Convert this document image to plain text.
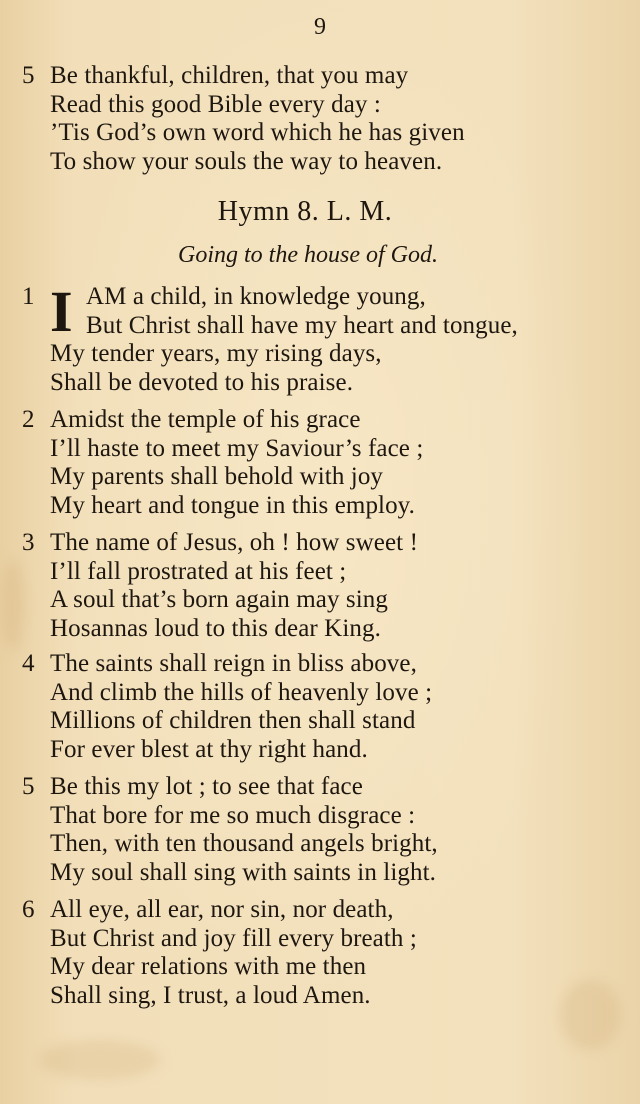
9
5 Be thankful, children, that you may
Read this good Bible every day :
’Tis God’s own word which he has given
To show your souls the way to heaven.
Hymn 8. L. M.
Going to the house of God.
1 I AM a child, in knowledge young,
But Christ shall have my heart and tongue,
My tender years, my rising days,
Shall be devoted to his praise.
2 Amidst the temple of his grace
I’ll haste to meet my Saviour’s face ;
My parents shall behold with joy
My heart and tongue in this employ.
3 The name of Jesus, oh ! how sweet !
I’ll fall prostrated at his feet ;
A soul that’s born again may sing
Hosannas loud to this dear King.
4 The saints shall reign in bliss above,
And climb the hills of heavenly love ;
Millions of children then shall stand
For ever blest at thy right hand.
5 Be this my lot ; to see that face
That bore for me so much disgrace :
Then, with ten thousand angels bright,
My soul shall sing with saints in light.
6 All eye, all ear, nor sin, nor death,
But Christ and joy fill every breath ;
My dear relations with me then
Shall sing, I trust, a loud Amen.
